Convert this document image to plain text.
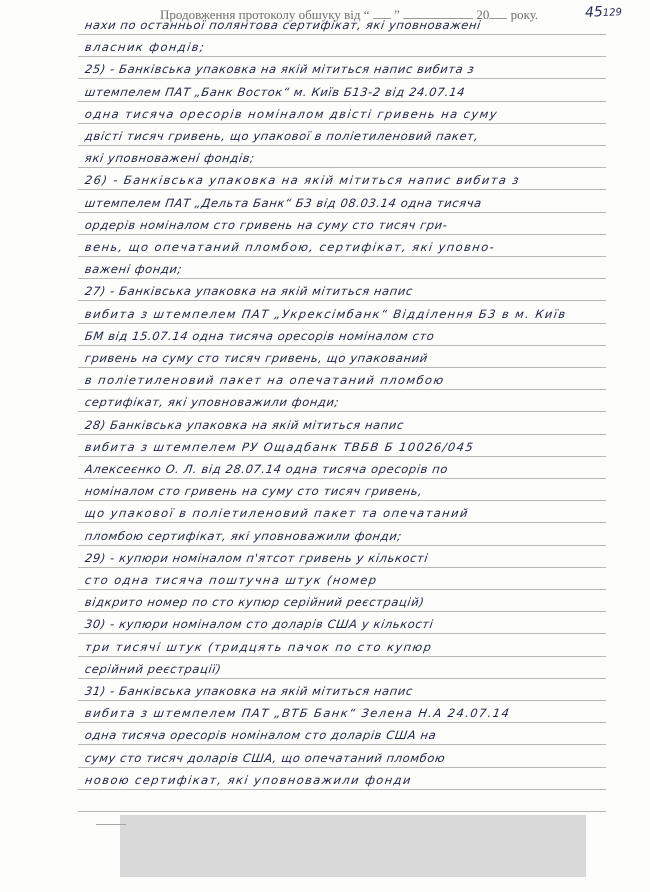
Продовження протоколу обшуку від “ ”	20 року.	45129
нахи по останньої полянтова сертифікат, які уповноважені
власник фондів;
25) - Банківська упаковка на якій мітиться напис вибита з
штемпелем ПАТ „Банк Восток“ м. Київ Б13-2 від 24.07.14
одна тисяча оресорів номіналом двісті гривень на суму
двісті тисяч гривень, що упакової в поліетиленовий пакет,
які уповноважені фондів;
26) - Банківська упаковка на якій мітиться напис вибита з
штемпелем ПАТ „Дельта Банк“ Б3 від 08.03.14 одна тисяча
ордерів номіналом сто гривень на суму сто тисяч гри-
вень, що опечатаний пломбою, сертифікат, які уповно-
важені фонди;
27) - Банківська упаковка на якій мітиться напис
вибита з штемпелем ПАТ „Укрексімбанк“ Відділення Б3 в м. Київ
БМ від 15.07.14 одна тисяча оресорів номіналом сто
гривень на суму сто тисяч гривень, що упакований
в поліетиленовий пакет на опечатаний пломбою
сертифікат, які уповноважили фонди;
28) Банківська упаковка на якій мітиться напис
вибита з штемпелем РУ Ощадбанк ТВБВ Б 10026/045
Алексеєнко О. Л. від 28.07.14 одна тисяча оресорів по
номіналом сто гривень на суму сто тисяч гривень,
що упакової в поліетиленовий пакет та опечатаний
пломбою сертифікат, які уповноважили фонди;
29) - купюри номіналом п'ятсот гривень у кількості
сто одна тисяча поштучна штук (номер
відкрито номер по сто купюр серійний реєстрацій)
30) - купюри номіналом сто доларів США у кількості
три тисячі штук (тридцять пачок по сто купюр
серійний реєстрації)
31) - Банківська упаковка на якій мітиться напис
вибита з штемпелем ПАТ „ВТБ Банк“ Зелена Н.А 24.07.14
одна тисяча оресорів номіналом сто доларів США на
суму сто тисяч доларів США, що опечатаний пломбою
новою сертифікат, які уповноважили фонди
